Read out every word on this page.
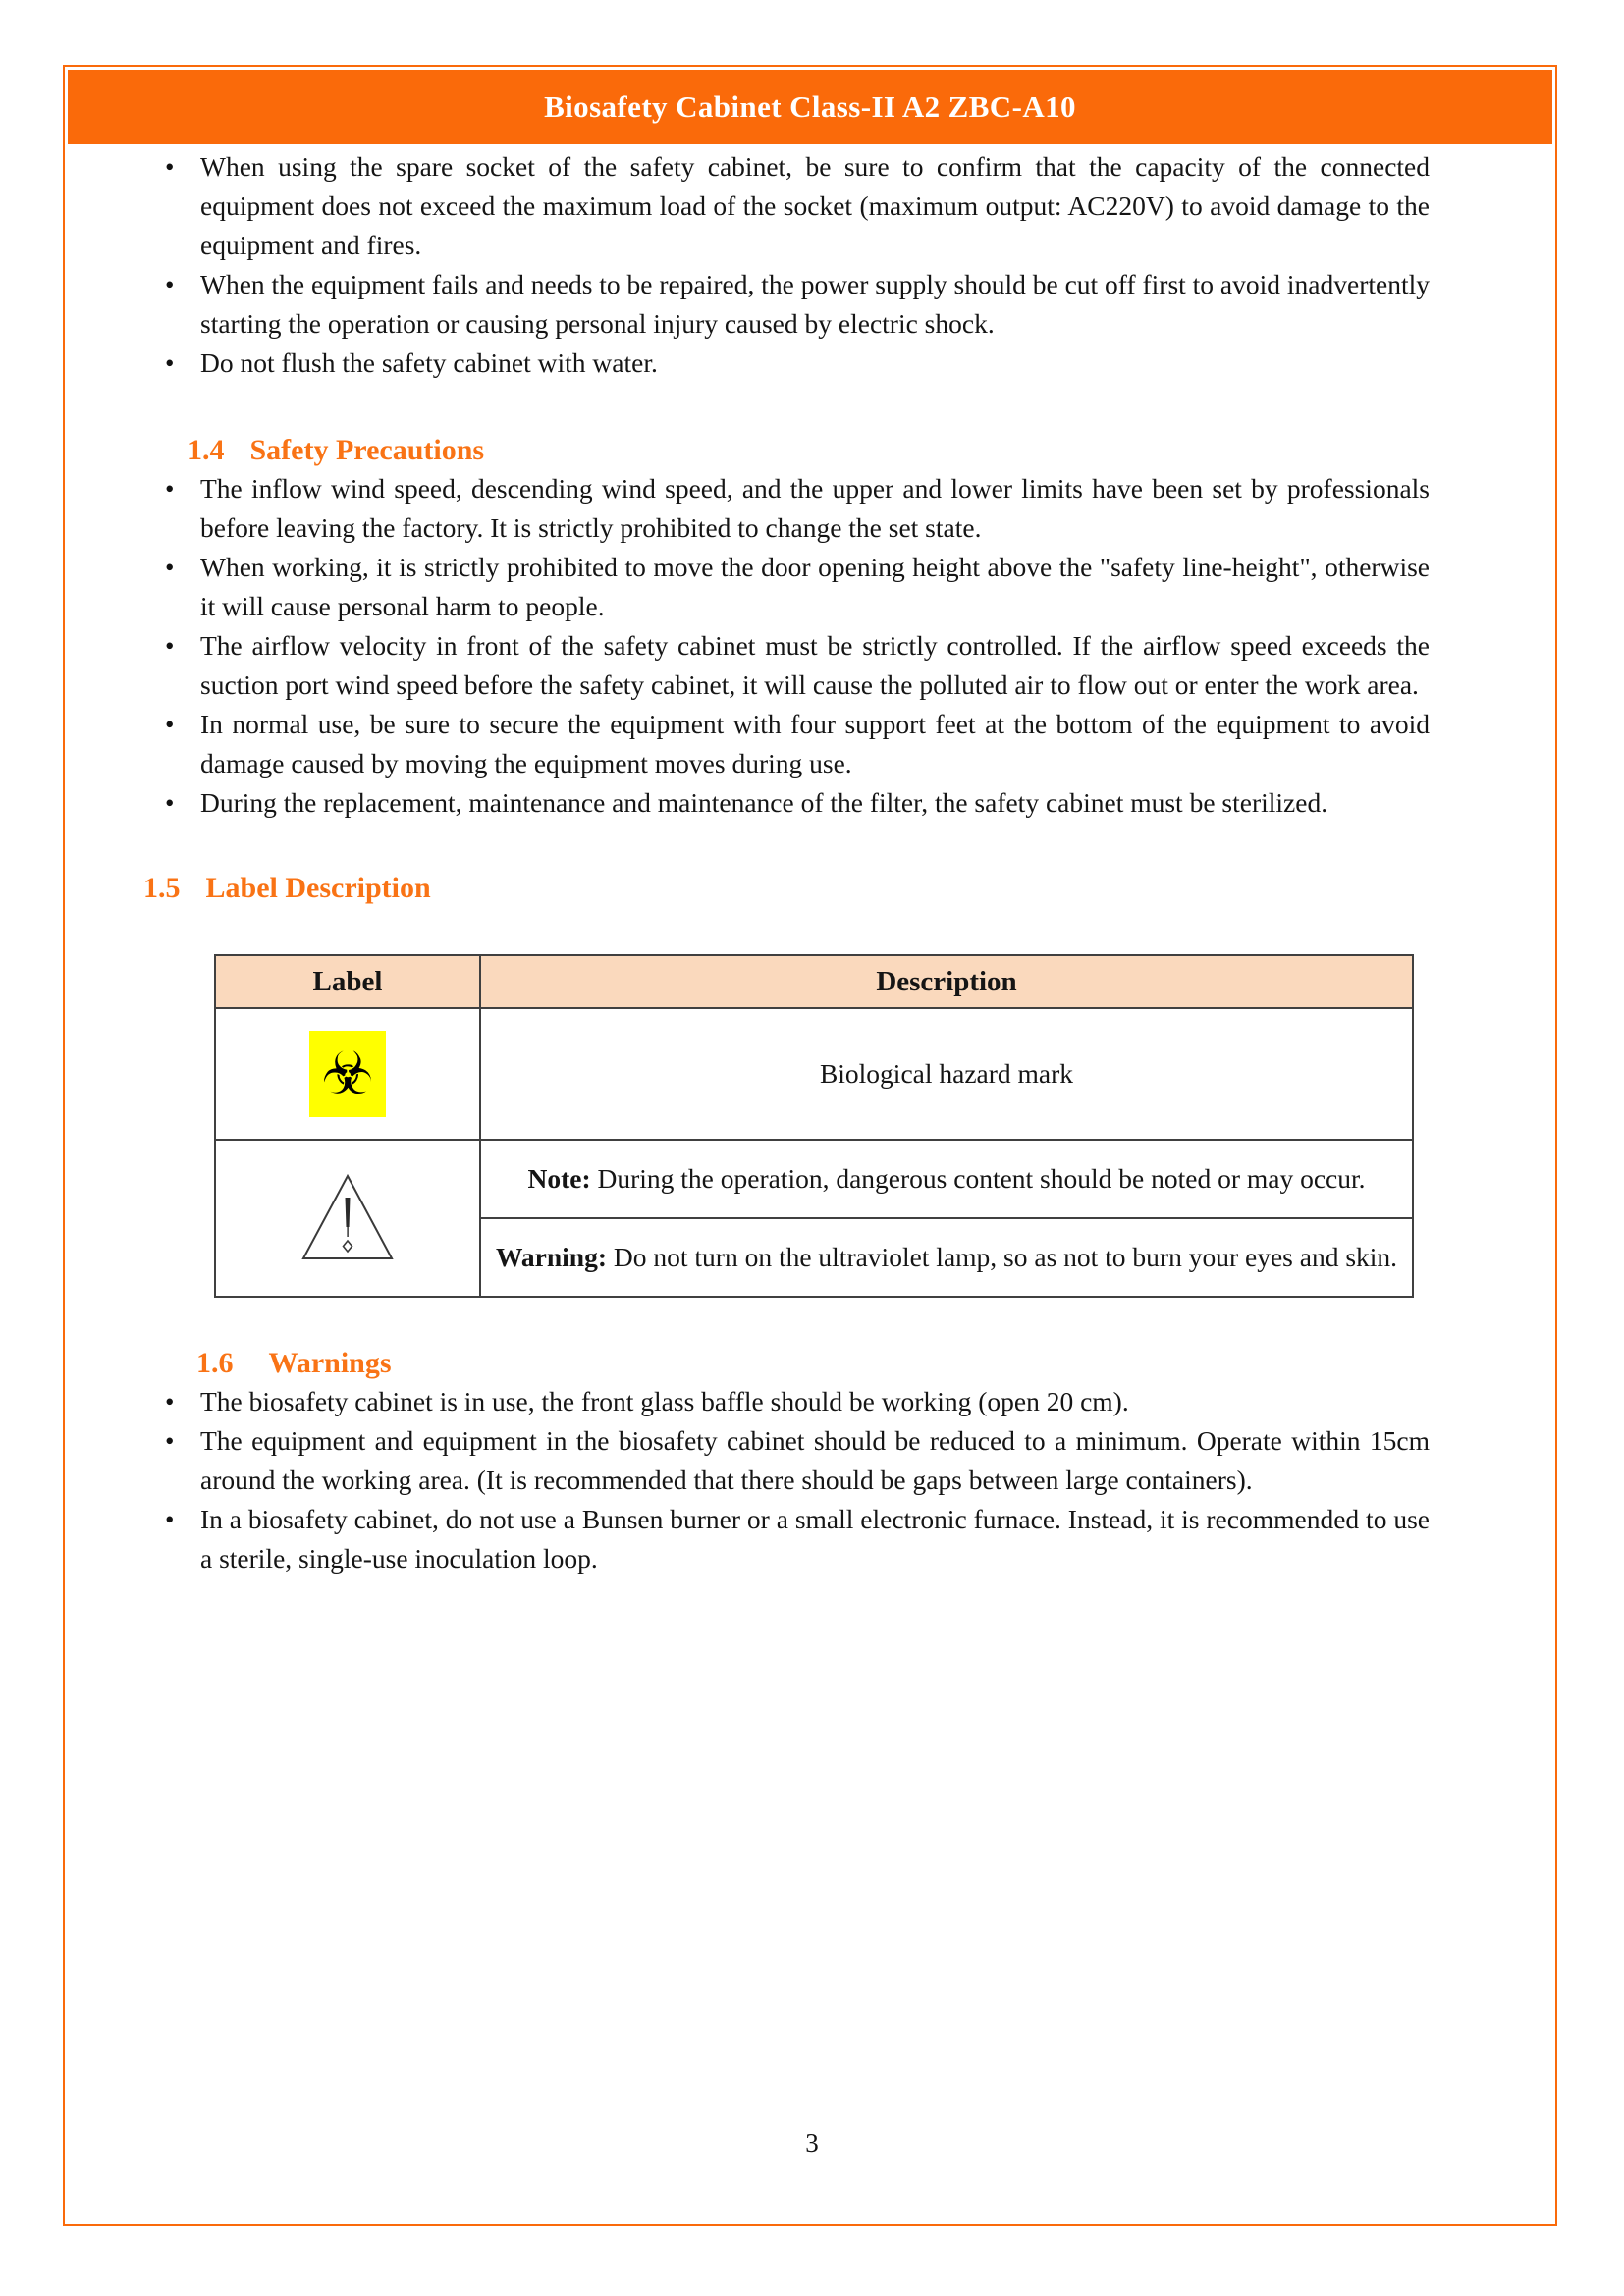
Biosafety Cabinet Class-II A2 ZBC-A10
• When using the spare socket of the safety cabinet, be sure to confirm that the capacity of the connected equipment does not exceed the maximum load of the socket (maximum output: AC220V) to avoid damage to the equipment and fires.
• When the equipment fails and needs to be repaired, the power supply should be cut off first to avoid inadvertently starting the operation or causing personal injury caused by electric shock.
• Do not flush the safety cabinet with water.
1.4 Safety Precautions
• The inflow wind speed, descending wind speed, and the upper and lower limits have been set by professionals before leaving the factory. It is strictly prohibited to change the set state.
• When working, it is strictly prohibited to move the door opening height above the "safety line-height", otherwise it will cause personal harm to people.
• The airflow velocity in front of the safety cabinet must be strictly controlled. If the airflow speed exceeds the suction port wind speed before the safety cabinet, it will cause the polluted air to flow out or enter the work area.
• In normal use, be sure to secure the equipment with four support feet at the bottom of the equipment to avoid damage caused by moving the equipment moves during use.
• During the replacement, maintenance and maintenance of the filter, the safety cabinet must be sterilized.
1.5 Label Description
Label	Description
☣	Biological hazard mark

	Note: During the operation, dangerous content should be noted or may occur.
	Warning: Do not turn on the ultraviolet lamp, so as not to burn your eyes and skin.
1.6 Warnings
• The biosafety cabinet is in use, the front glass baffle should be working (open 20 cm).
• The equipment and equipment in the biosafety cabinet should be reduced to a minimum. Operate within 15cm around the working area. (It is recommended that there should be gaps between large containers).
• In a biosafety cabinet, do not use a Bunsen burner or a small electronic furnace. Instead, it is recommended to use a sterile, single-use inoculation loop.
3
